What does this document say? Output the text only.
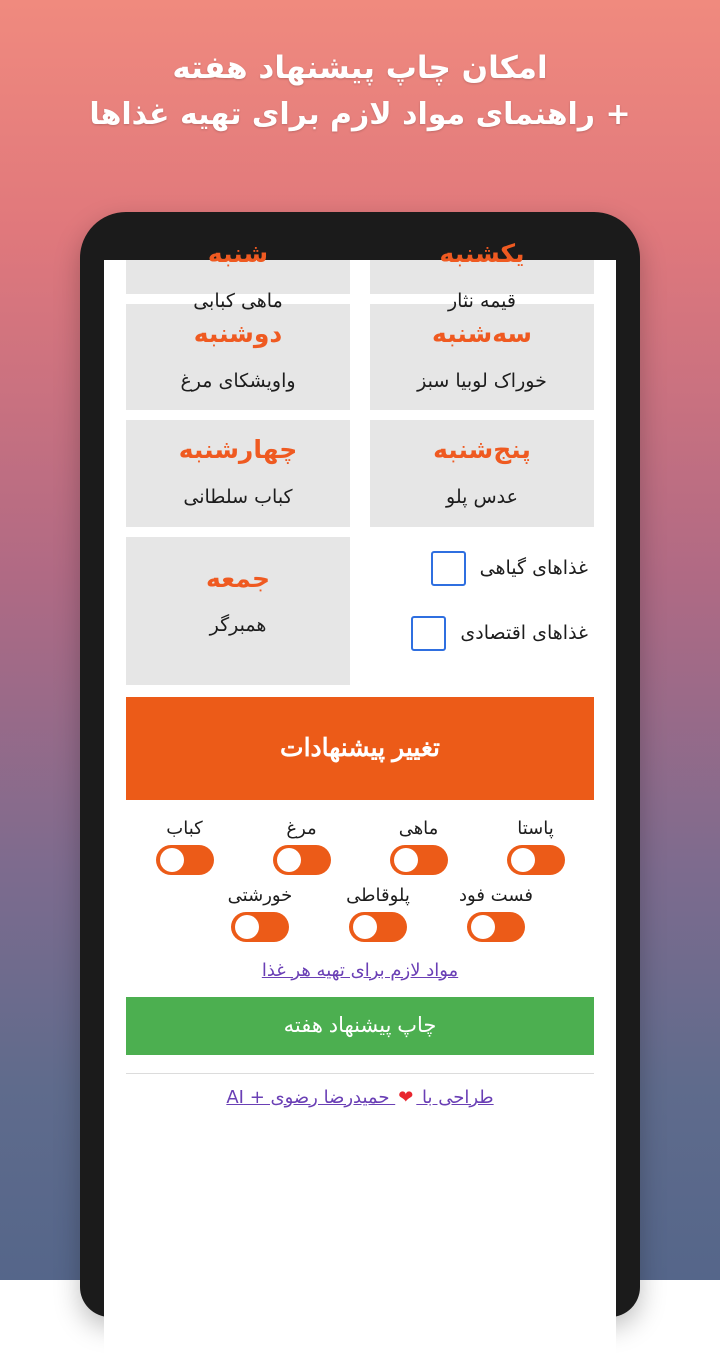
امکان چاپ پیشنهاد هفته
+ راهنمای مواد لازم برای تهیه غذاها

یکشنبه

قیمه نثار

شنبه

ماهی کبابی

سه‌شنبه

خوراک لوبیا سبز

دوشنبه

واویشکای مرغ

پنج‌شنبه

عدس پلو

چهارشنبه

کباب سلطانی

غذاهای گیاهی
غذاهای اقتصادی

جمعه

همبرگر

تغییر پیشنهادات
پاستا
ماهی
مرغ
کباب
فست فود
پلوقاطی
خورشتی
مواد لازم برای تهیه هر غذا
چاپ پیشنهاد هفته
طراحی با ❤ حمیدرضا رضوی + AI
